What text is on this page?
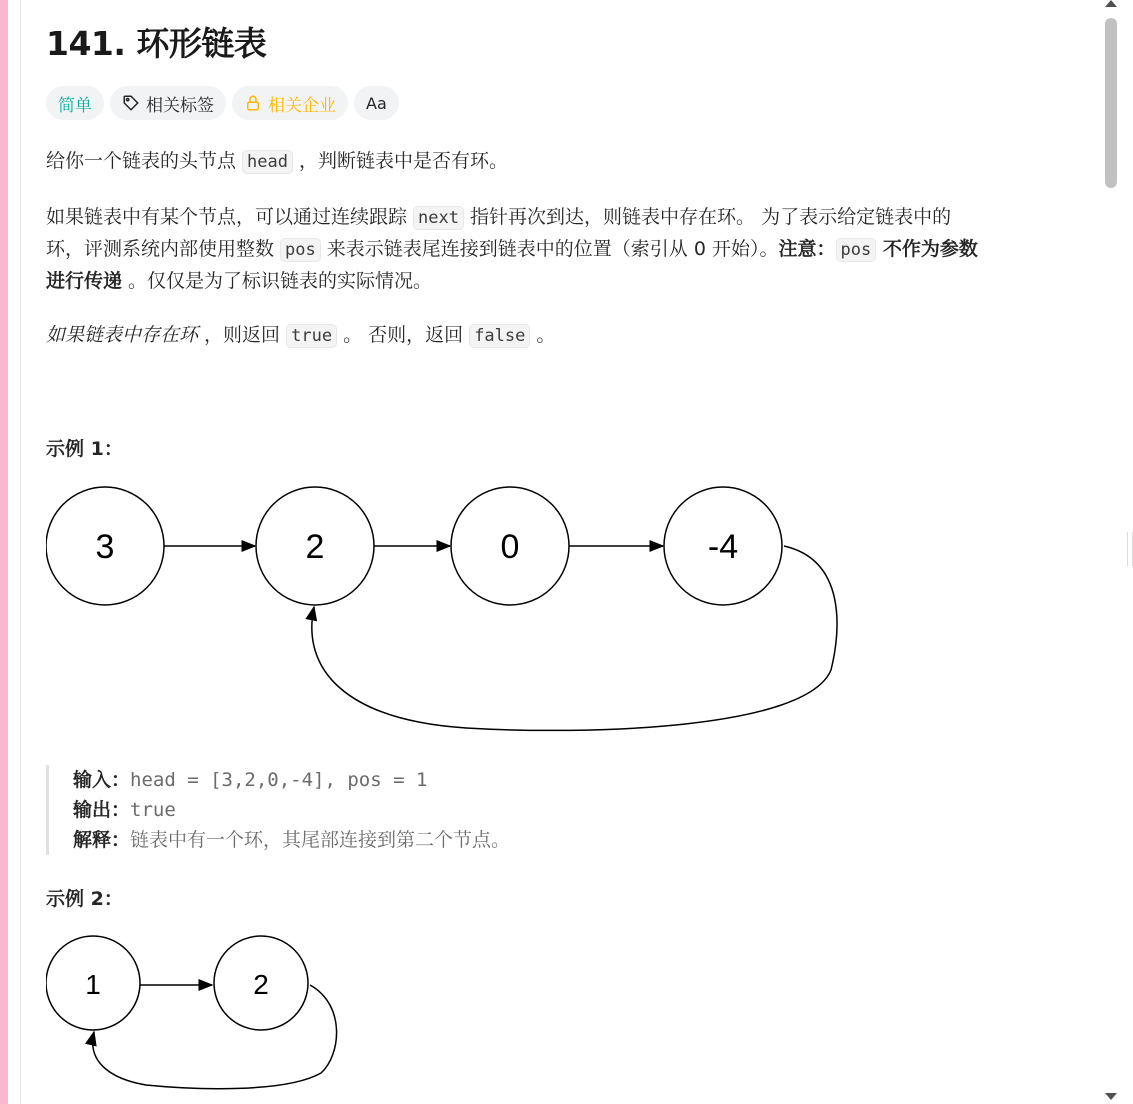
141. 环形链表
简单	相关标签	相关企业 Aa
给你一个链表的头节点 head ，判断链表中是否有环。
如果链表中有某个节点，可以通过连续跟踪 next 指针再次到达，则链表中存在环。 为了表示给定链表中的
环，评测系统内部使用整数 pos 来表示链表尾连接到链表中的位置（索引从 0 开始）。注意： pos 不作为参数
进行传递 。仅仅是为了标识链表的实际情况。
如果链表中存在环 ，则返回 true 。 否则，返回 false 。
示例 1：
3	2	0	-4
输入：head = [3,2,0,-4], pos = 1
输出：true
解释：链表中有一个环，其尾部连接到第二个节点。
示例 2：
1	2
